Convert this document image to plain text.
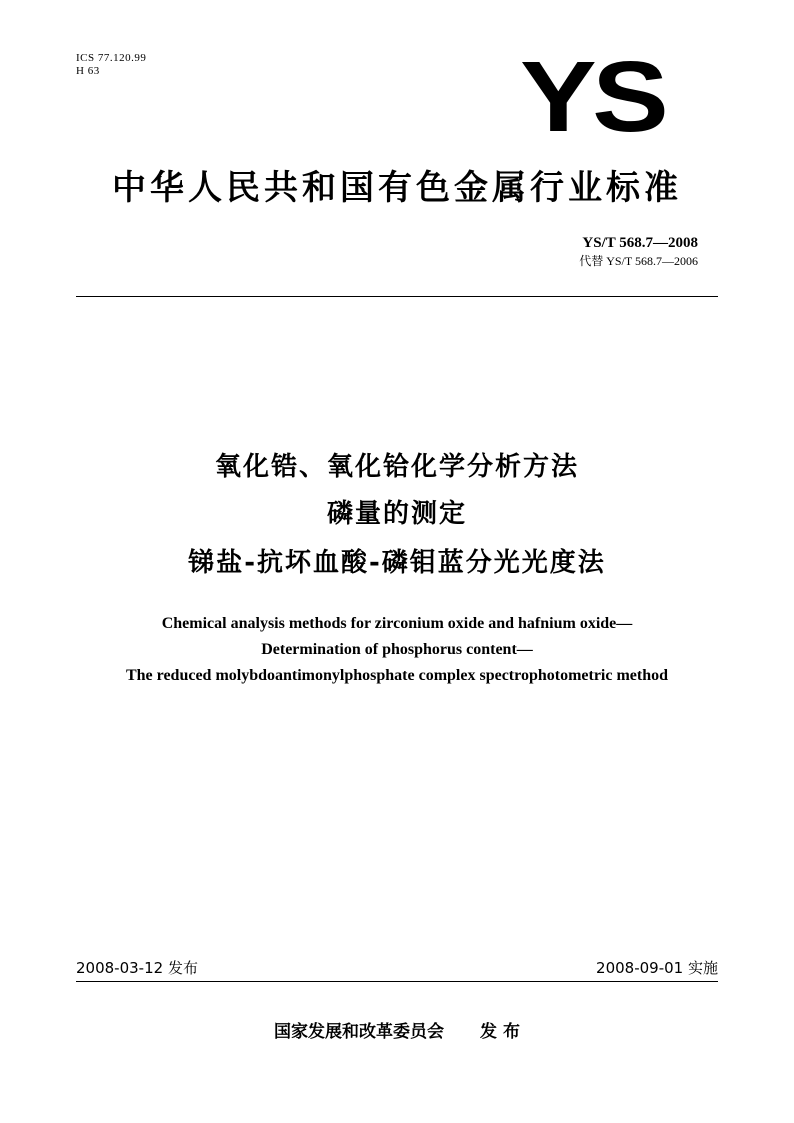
ICS 77.120.99
H 63	YS
中华人民共和国有色金属行业标准
YS/T 568.7—2008
代替 YS/T 568.7—2006
氧化锆、氧化铪化学分析方法
磷量的测定
锑盐-抗坏血酸-磷钼蓝分光光度法
Chemical analysis methods for zirconium oxide and hafnium oxide—
Determination of phosphorus content—
The reduced molybdoantimonylphosphate complex spectrophotometric method
2008-03-12 发布	2008-09-01 实施
国家发展和改革委员会 发 布
